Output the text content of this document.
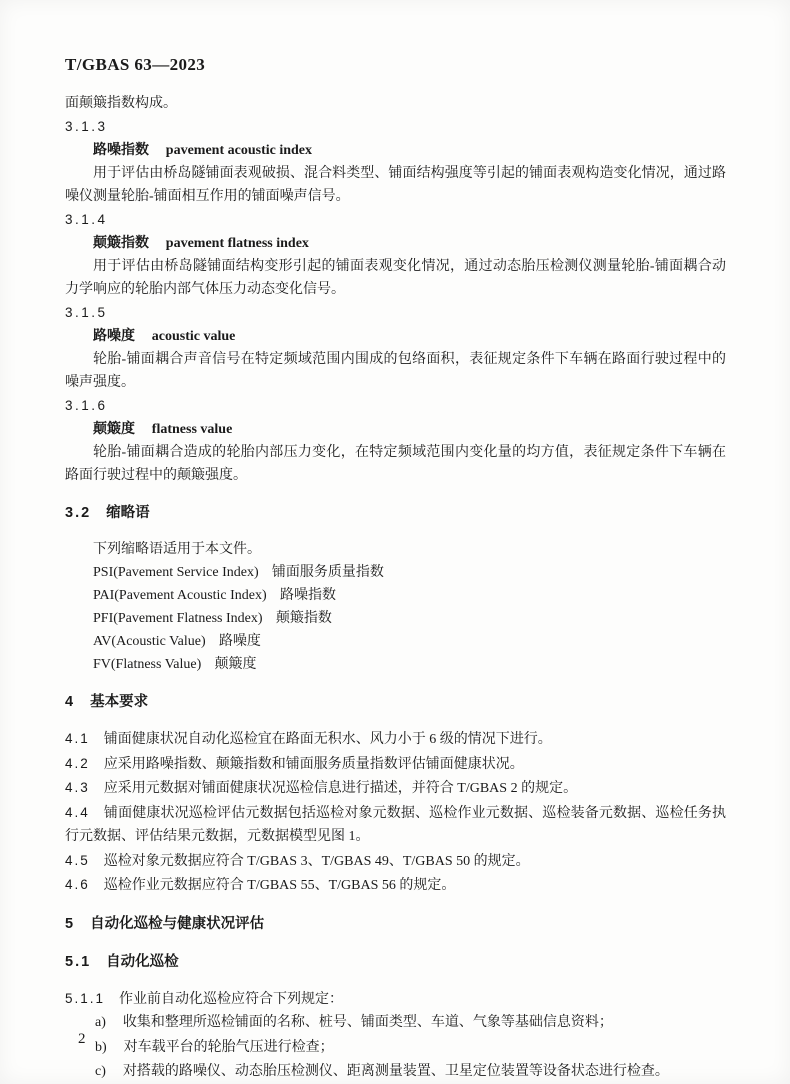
T/GBAS 63—2023

面颠簸指数构成。

3.1.3

路噪指数 pavement acoustic index

用于评估由桥岛隧铺面表观破损、混合料类型、铺面结构强度等引起的铺面表观构造变化情况，通过路噪仪测量轮胎-铺面相互作用的铺面噪声信号。

3.1.4

颠簸指数 pavement flatness index

用于评估由桥岛隧铺面结构变形引起的铺面表观变化情况，通过动态胎压检测仪测量轮胎-铺面耦合动力学响应的轮胎内部气体压力动态变化信号。

3.1.5

路噪度 acoustic value

轮胎-铺面耦合声音信号在特定频域范围内围成的包络面积，表征规定条件下车辆在路面行驶过程中的噪声强度。

3.1.6

颠簸度 flatness value

轮胎-铺面耦合造成的轮胎内部压力变化，在特定频域范围内变化量的均方值，表征规定条件下车辆在路面行驶过程中的颠簸强度。

3.2 缩略语

下列缩略语适用于本文件。

PSI(Pavement Service Index) 铺面服务质量指数

PAI(Pavement Acoustic Index) 路噪指数

PFI(Pavement Flatness Index) 颠簸指数

AV(Acoustic Value) 路噪度

FV(Flatness Value) 颠簸度

4 基本要求

4.1 铺面健康状况自动化巡检宜在路面无积水、风力小于 6 级的情况下进行。

4.2 应采用路噪指数、颠簸指数和铺面服务质量指数评估铺面健康状况。

4.3 应采用元数据对铺面健康状况巡检信息进行描述，并符合 T/GBAS 2 的规定。

4.4 铺面健康状况巡检评估元数据包括巡检对象元数据、巡检作业元数据、巡检装备元数据、巡检任务执行元数据、评估结果元数据，元数据模型见图 1。

4.5 巡检对象元数据应符合 T/GBAS 3、T/GBAS 49、T/GBAS 50 的规定。

4.6 巡检作业元数据应符合 T/GBAS 55、T/GBAS 56 的规定。

5 自动化巡检与健康状况评估

5.1 自动化巡检

5.1.1 作业前自动化巡检应符合下列规定：

a) 收集和整理所巡检铺面的名称、桩号、铺面类型、车道、气象等基础信息资料；

b) 对车载平台的轮胎气压进行检查；

c) 对搭载的路噪仪、动态胎压检测仪、距离测量装置、卫星定位装置等设备状态进行检查。

2
